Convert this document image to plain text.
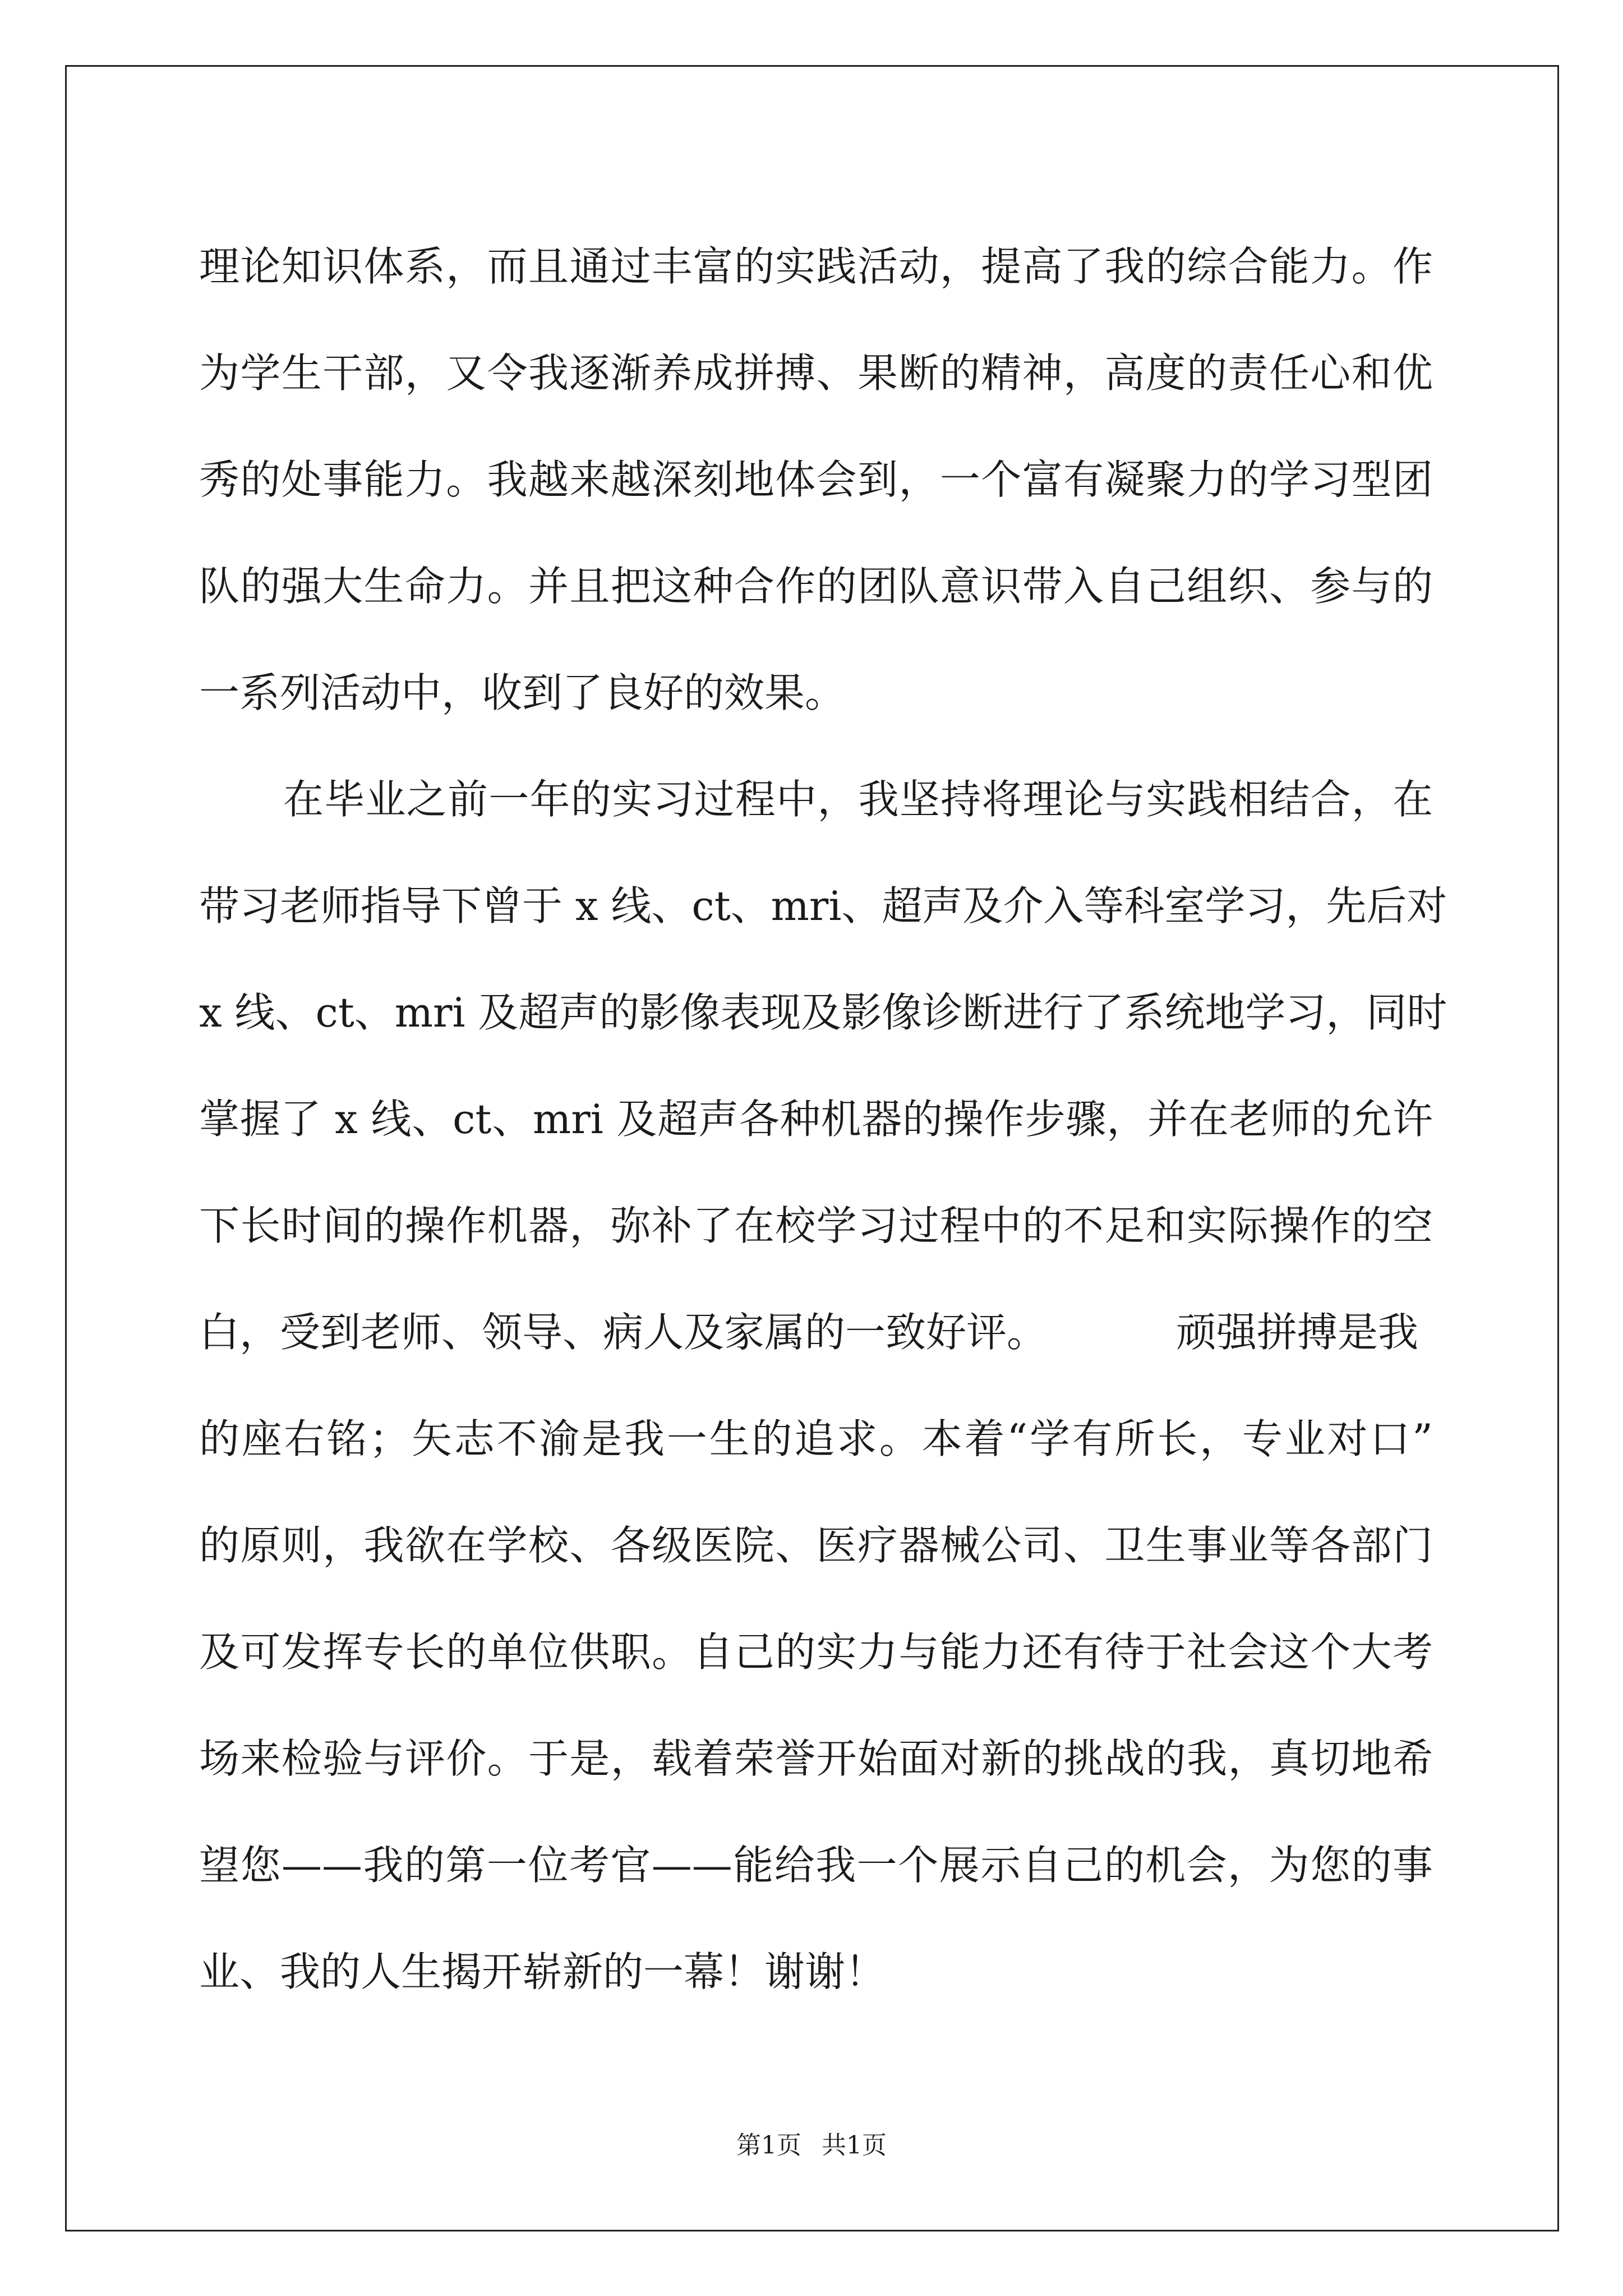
理论知识体系，而且通过丰富的实践活动，提高了我的综合能力。作
为学生干部，又令我逐渐养成拼搏、果断的精神，高度的责任心和优
秀的处事能力。我越来越深刻地体会到，一个富有凝聚力的学习型团
队的强大生命力。并且把这种合作的团队意识带入自己组织、参与的
一系列活动中，收到了良好的效果。
在毕业之前一年的实习过程中，我坚持将理论与实践相结合，在
带习老师指导下曾于 x 线、ct、mri、超声及介入等科室学习，先后对
x 线、ct、mri 及超声的影像表现及影像诊断进行了系统地学习，同时
掌握了 x 线、ct、mri 及超声各种机器的操作步骤，并在老师的允许
下长时间的操作机器，弥补了在校学习过程中的不足和实际操作的空
白，受到老师、领导、病人及家属的一致好评。	顽强拼搏是我
的座右铭；矢志不渝是我一生的追求。本着“学有所长，专业对口”
的原则，我欲在学校、各级医院、医疗器械公司、卫生事业等各部门
及可发挥专长的单位供职。自己的实力与能力还有待于社会这个大考
场来检验与评价。于是，载着荣誉开始面对新的挑战的我，真切地希
望您——我的第一位考官——能给我一个展示自己的机会，为您的事
业、我的人生揭开崭新的一幕！谢谢！
第1页 共1页
